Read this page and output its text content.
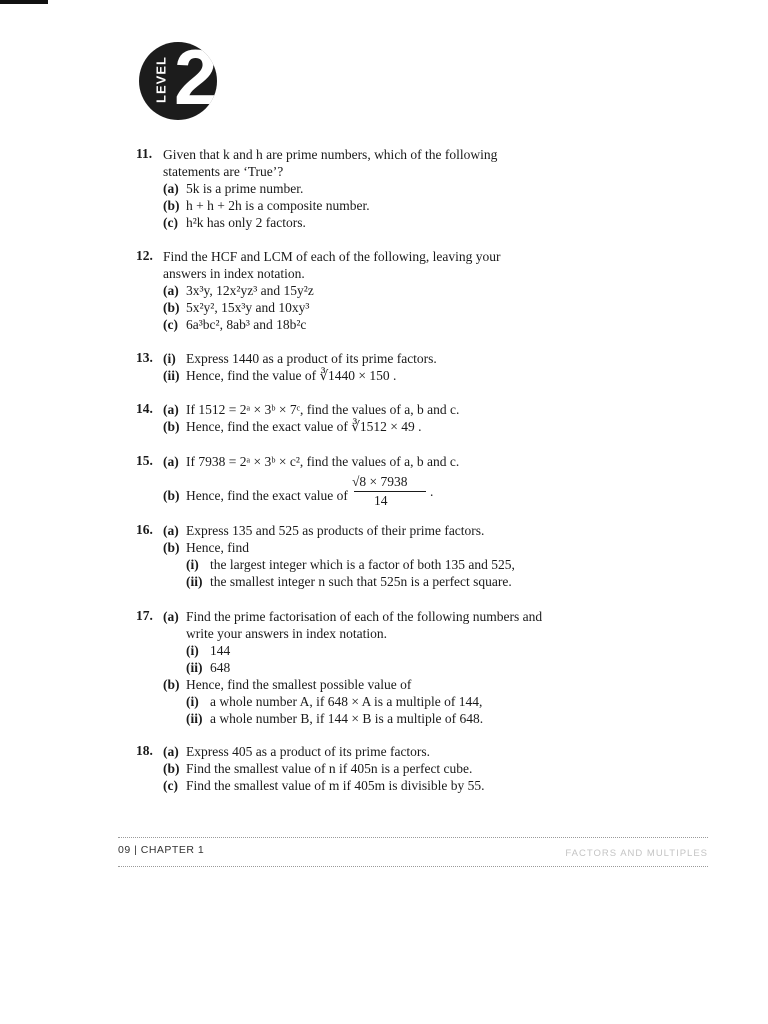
LEVEL 2
11. Given that k and h are prime numbers, which of the following
statements are ‘True’?
(a) 5k is a prime number.
(b) h + h + 2h is a composite number.
(c) h²k has only 2 factors.
12. Find the HCF and LCM of each of the following, leaving your
answers in index notation.
(a) 3x³y, 12x²yz³ and 15y²z
(b) 5x²y², 15x³y and 10xy³
(c) 6a³bc², 8ab³ and 18b²c
13. (i) Express 1440 as a product of its prime factors.
(ii) Hence, find the value of ∛1440 × 150 .
14. (a) If 1512 = 2ᵃ × 3ᵇ × 7ᶜ, find the values of a, b and c.
(b) Hence, find the exact value of ∛1512 × 49 .
15. (a) If 7938 = 2ᵃ × 3ᵇ × c², find the values of a, b and c.
(b) Hence, find the exact value of
√8 × 7938
14
.
16. (a) Express 135 and 525 as products of their prime factors.
(b) Hence, find
(i) the largest integer which is a factor of both 135 and 525,
(ii) the smallest integer n such that 525n is a perfect square.
17. (a) Find the prime factorisation of each of the following numbers and
write your answers in index notation.
(i) 144
(ii) 648
(b) Hence, find the smallest possible value of
(i) a whole number A, if 648 × A is a multiple of 144,
(ii) a whole number B, if 144 × B is a multiple of 648.
18. (a) Express 405 as a product of its prime factors.
(b) Find the smallest value of n if 405n is a perfect cube.
(c) Find the smallest value of m if 405m is divisible by 55.
09 | CHAPTER 1	FACTORS AND MULTIPLES
